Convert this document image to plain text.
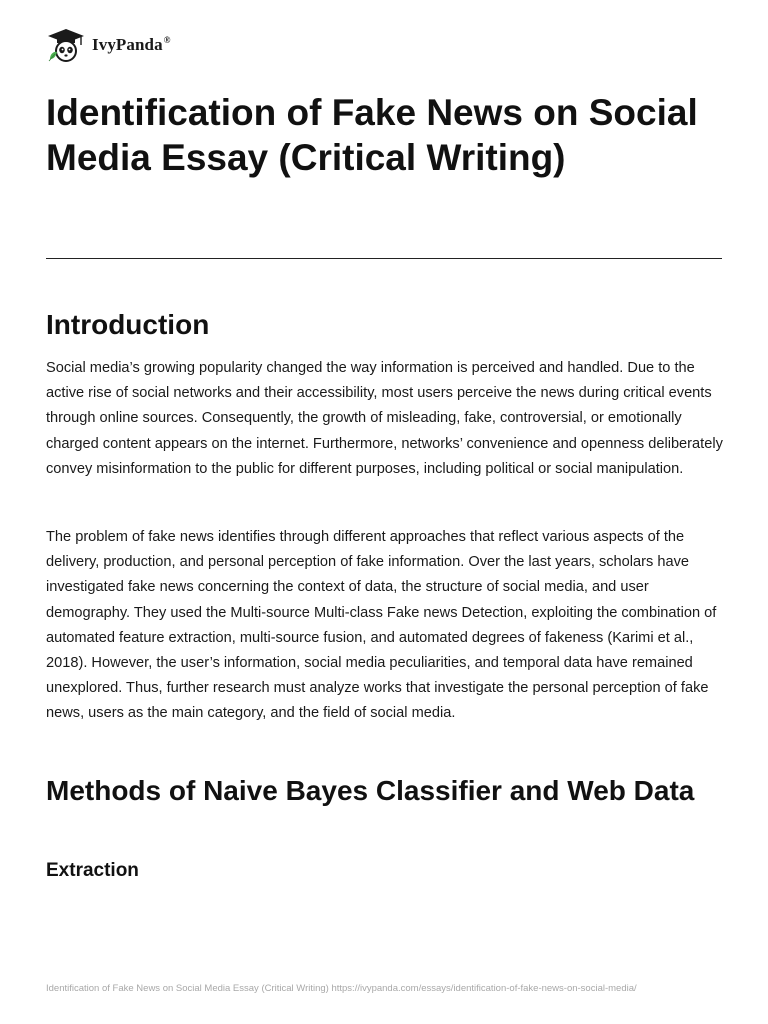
IvyPanda®
Identification of Fake News on Social Media Essay (Critical Writing)
Introduction

Social media’s growing popularity changed the way information is perceived and handled. Due to the active rise of social networks and their accessibility, most users perceive the news during critical events through online sources. Consequently, the growth of misleading, fake, controversial, or emotionally charged content appears on the internet. Furthermore, networks’ convenience and openness deliberately convey misinformation to the public for different purposes, including political or social manipulation.

The problem of fake news identifies through different approaches that reflect various aspects of the delivery, production, and personal perception of fake information. Over the last years, scholars have investigated fake news concerning the context of data, the structure of social media, and user demography. They used the Multi-source Multi-class Fake news Detection, exploiting the combination of automated feature extraction, multi-source fusion, and automated degrees of fakeness (Karimi et al., 2018). However, the user’s information, social media peculiarities, and temporal data have remained unexplored. Thus, further research must analyze works that investigate the personal perception of fake news, users as the main category, and the field of social media.

Methods of Naive Bayes Classifier and Web Data
Extraction
Identification of Fake News on Social Media Essay (Critical Writing) https://ivypanda.com/essays/identification-of-fake-news-on-social-media/
